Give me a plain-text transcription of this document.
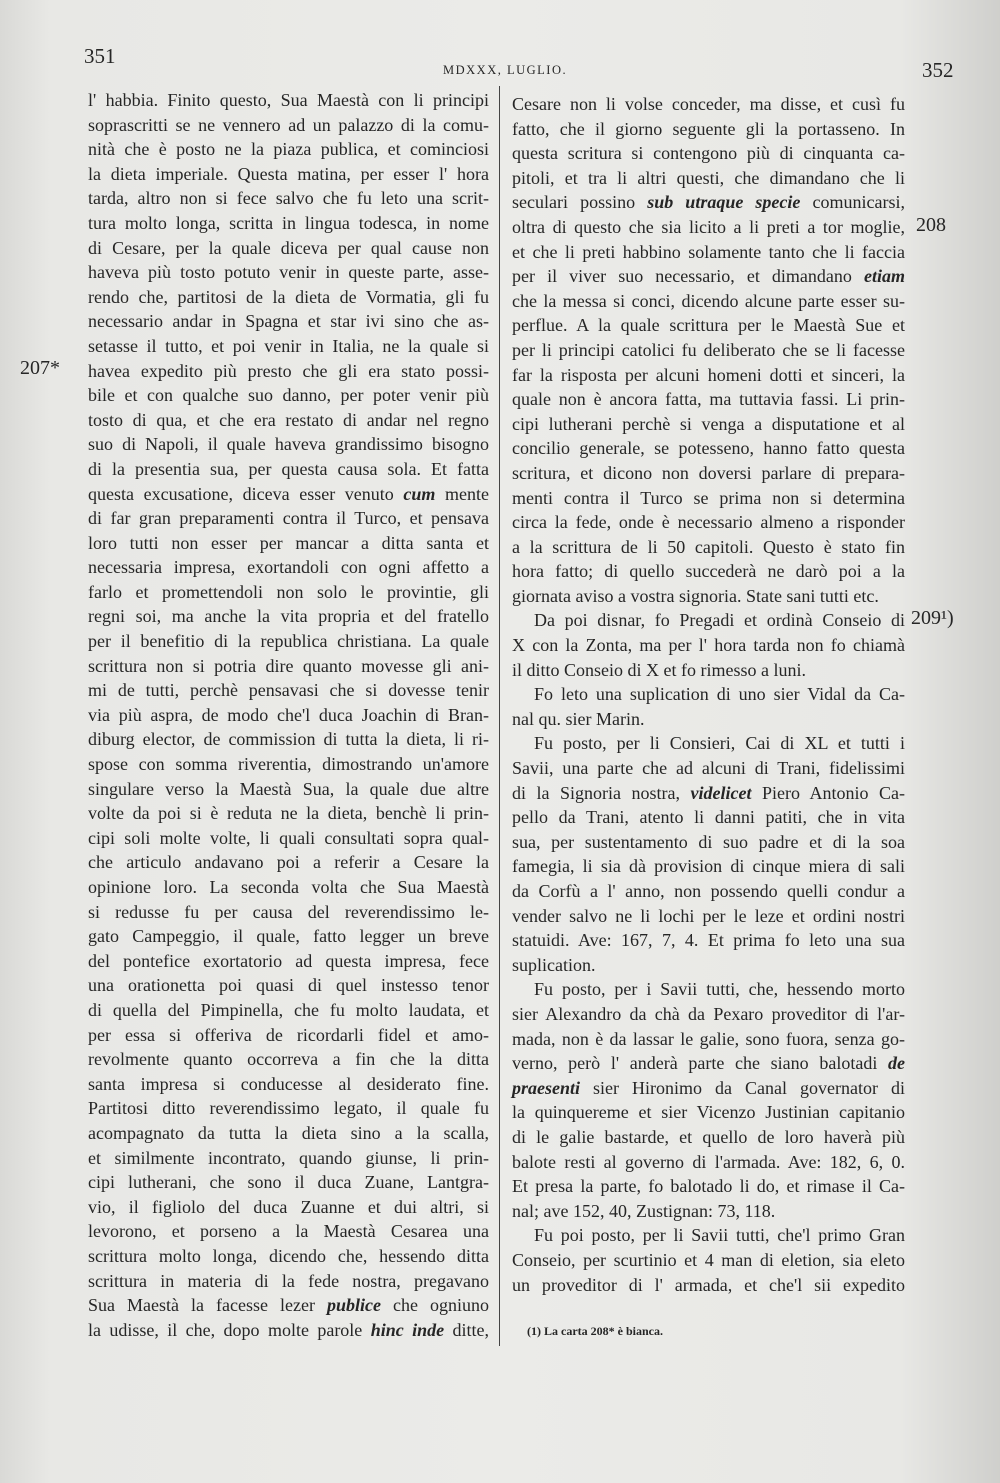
351
MDXXX, LUGLIO.	352
l' habbia. Finito questo, Sua Maestà con li principi
soprascritti se ne vennero ad un palazzo di la comu-
nità che è posto ne la piaza publica, et cominciosi
la dieta imperiale. Questa matina, per esser l' hora
tarda, altro non si fece salvo che fu leto una scrit-
tura molto longa, scritta in lingua todesca, in nome
di Cesare, per la quale diceva per qual cause non
haveva più tosto potuto venir in queste parte, asse-
rendo che, partitosi de la dieta de Vormatia, gli fu
necessario andar in Spagna et star ivi sino che as-
setasse il tutto, et poi venir in Italia, ne la quale si
havea expedito più presto che gli era stato possi-
bile et con qualche suo danno, per poter venir più
tosto di qua, et che era restato di andar nel regno
suo di Napoli, il quale haveva grandissimo bisogno
di la presentia sua, per questa causa sola. Et fatta
questa excusatione, diceva esser venuto cum mente
di far gran preparamenti contra il Turco, et pensava
loro tutti non esser per mancar a ditta santa et
necessaria impresa, exortandoli con ogni affetto a
farlo et promettendoli non solo le provintie, gli
regni soi, ma anche la vita propria et del fratello
per il benefitio di la republica christiana. La quale
scrittura non si potria dire quanto movesse gli ani-
mi de tutti, perchè pensavasi che si dovesse tenir
via più aspra, de modo che'l duca Joachin di Bran-
diburg elector, de commission di tutta la dieta, li ri-
spose con somma riverentia, dimostrando un'amore
singulare verso la Maestà Sua, la quale due altre
volte da poi si è reduta ne la dieta, benchè li prin-
cipi soli molte volte, li quali consultati sopra qual-
che articulo andavano poi a referir a Cesare la
opinione loro. La seconda volta che Sua Maestà
si redusse fu per causa del reverendissimo le-
gato Campeggio, il quale, fatto legger un breve
del pontefice exortatorio ad questa impresa, fece
una orationetta poi quasi di quel instesso tenor
di quella del Pimpinella, che fu molto laudata, et
per essa si offeriva de ricordarli fidel et amo-
revolmente quanto occorreva a fin che la ditta
santa impresa si conducesse al desiderato fine.
Partitosi ditto reverendissimo legato, il quale fu
acompagnato da tutta la dieta sino a la scalla,
et similmente incontrato, quando giunse, li prin-
cipi lutherani, che sono il duca Zuane, Lantgra-
vio, il figliolo del duca Zuanne et dui altri, si
levorono, et porseno a la Maestà Cesarea una
scrittura molto longa, dicendo che, hessendo ditta
scrittura in materia di la fede nostra, pregavano
Sua Maestà la facesse lezer publice che ogniuno
la udisse, il che, dopo molte parole hinc inde ditte,
Cesare non li volse conceder, ma disse, et cusì fu
fatto, che il giorno seguente gli la portasseno. In
questa scritura si contengono più di cinquanta ca-
pitoli, et tra li altri questi, che dimandano che li
seculari possino sub utraque specie comunicarsi,
oltra di questo che sia licito a li preti a tor moglie,
et che li preti habbino solamente tanto che li faccia
per il viver suo necessario, et dimandano etiam
che la messa si conci, dicendo alcune parte esser su-
perflue. A la quale scrittura per le Maestà Sue et
per li principi catolici fu deliberato che se li facesse
far la risposta per alcuni homeni dotti et sinceri, la
quale non è ancora fatta, ma tuttavia fassi. Li prin-
cipi lutherani perchè si venga a disputatione et al
concilio generale, se potesseno, hanno fatto questa
scritura, et dicono non doversi parlare di prepara-
menti contra il Turco se prima non si determina
circa la fede, onde è necessario almeno a risponder
a la scrittura de li 50 capitoli. Questo è stato fin
hora fatto; di quello succederà ne darò poi a la
giornata aviso a vostra signoria. State sani tutti etc.
Da poi disnar, fo Pregadi et ordinà Conseio di
X con la Zonta, ma per l' hora tarda non fo chiamà
il ditto Conseio di X et fo rimesso a luni.
Fo leto una suplication di uno sier Vidal da Ca-
nal qu. sier Marin.
Fu posto, per li Consieri, Cai di XL et tutti i
Savii, una parte che ad alcuni di Trani, fidelissimi
di la Signoria nostra, videlicet Piero Antonio Ca-
pello da Trani, atento li danni patiti, che in vita
sua, per sustentamento di suo padre et di la soa
famegia, li sia dà provision di cinque miera di sali
da Corfù a l' anno, non possendo quelli condur a
vender salvo ne li lochi per le leze et ordini nostri
statuidi. Ave: 167, 7, 4. Et prima fo leto una sua
suplication.
Fu posto, per i Savii tutti, che, hessendo morto
sier Alexandro da chà da Pexaro proveditor di l'ar-
mada, non è da lassar le galie, sono fuora, senza go-
verno, però l' anderà parte che siano balotadi de
praesenti sier Hironimo da Canal governator di
la quinquereme et sier Vicenzo Justinian capitanio
di le galie bastarde, et quello de loro haverà più
balote resti al governo di l'armada. Ave: 182, 6, 0.
Et presa la parte, fo balotado li do, et rimase il Ca-
nal; ave 152, 40, Zustignan: 73, 118.
Fu poi posto, per li Savii tutti, che'l primo Gran
Conseio, per scurtinio et 4 man di eletion, sia eleto
un proveditor di l' armada, et che'l sii expedito
207*
208
209¹)
(1) La carta 208* è bianca.
